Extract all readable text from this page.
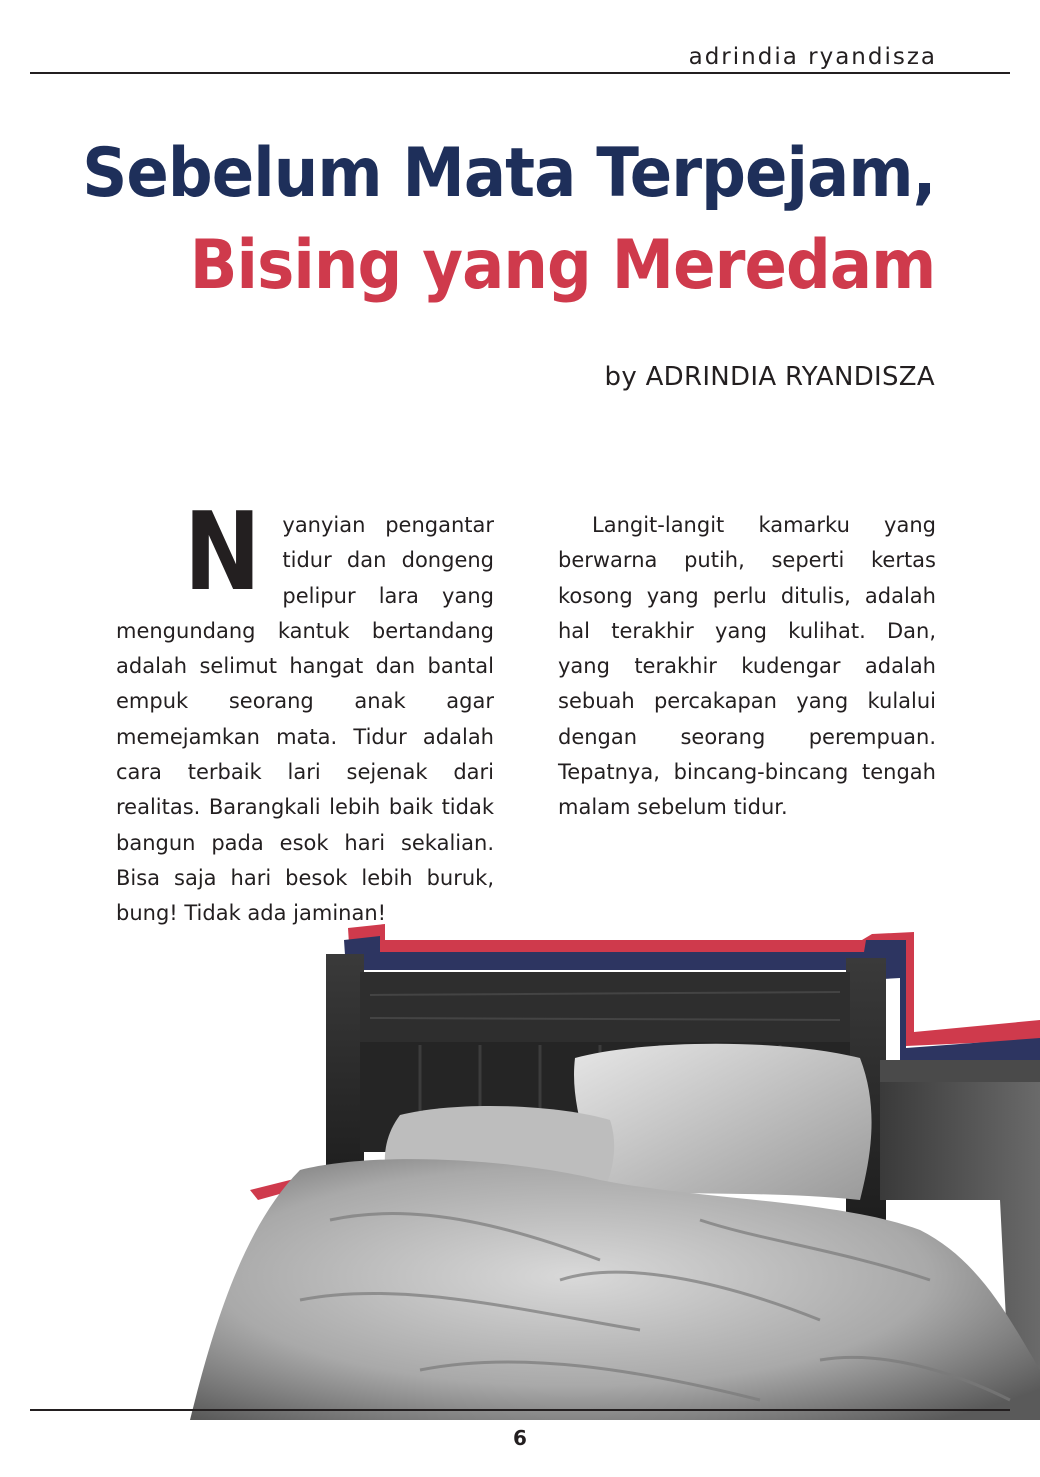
adrindia ryandisza
Sebelum Mata Terpejam,
Bising yang Meredam
by ADRINDIA RYANDISZA
N yanyian pengantar tidur dan dongeng pelipur lara yang mengundang kantuk bertandang adalah selimut hangat dan bantal empuk seorang anak agar memejamkan mata. Tidur adalah cara terbaik lari sejenak dari realitas. Barangkali lebih baik tidak bangun pada esok hari sekalian. Bisa saja hari besok lebih buruk, bung! Tidak ada jaminan!
Langit-langit kamarku yang berwarna putih, seperti kertas kosong yang perlu ditulis, adalah hal terakhir yang kulihat. Dan, yang terakhir kudengar adalah sebuah percakapan yang kulalui dengan seorang perempuan. Tepatnya, bincang-bincang tengah malam sebelum tidur.
6
